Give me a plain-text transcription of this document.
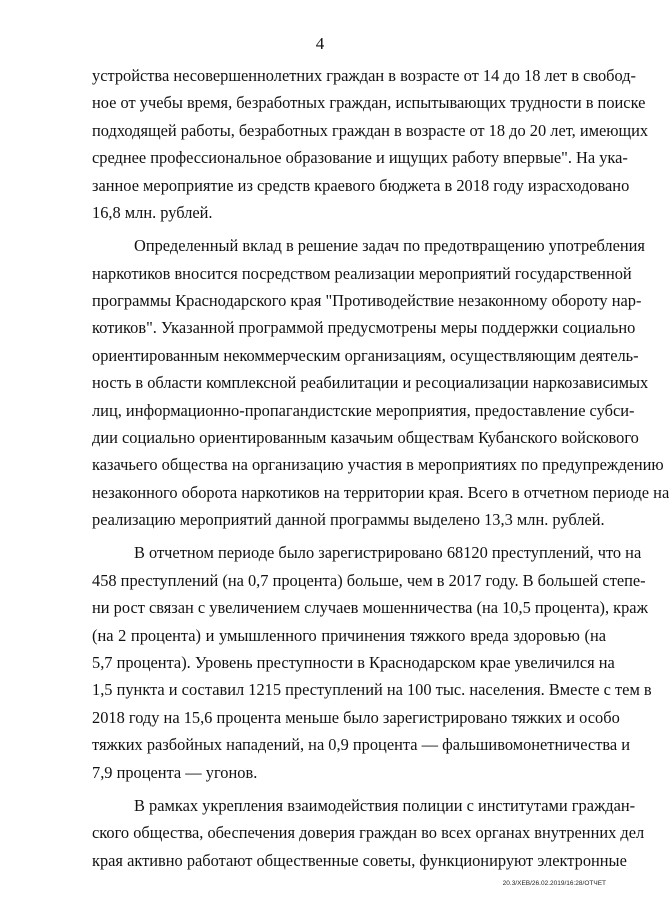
4
устройства несовершеннолетних граждан в возрасте от 14 до 18 лет в свобод-
ное от учебы время, безработных граждан, испытывающих трудности в поиске
подходящей работы, безработных граждан в возрасте от 18 до 20 лет, имеющих
среднее профессиональное образование и ищущих работу впервые". На ука-
занное мероприятие из средств краевого бюджета в 2018 году израсходовано
16,8 млн. рублей.
Определенный вклад в решение задач по предотвращению употребления
наркотиков вносится посредством реализации мероприятий государственной
программы Краснодарского края "Противодействие незаконному обороту нар-
котиков". Указанной программой предусмотрены меры поддержки социально
ориентированным некоммерческим организациям, осуществляющим деятель-
ность в области комплексной реабилитации и ресоциализации наркозависимых
лиц, информационно-пропагандистские мероприятия, предоставление субси-
дии социально ориентированным казачьим обществам Кубанского войскового
казачьего общества на организацию участия в мероприятиях по предупреждению
незаконного оборота наркотиков на территории края. Всего в отчетном периоде на
реализацию мероприятий данной программы выделено 13,3 млн. рублей.
В отчетном периоде было зарегистрировано 68120 преступлений, что на
458 преступлений (на 0,7 процента) больше, чем в 2017 году. В большей степе-
ни рост связан с увеличением случаев мошенничества (на 10,5 процента), краж
(на 2 процента) и умышленного причинения тяжкого вреда здоровью (на
5,7 процента). Уровень преступности в Краснодарском крае увеличился на
1,5 пункта и составил 1215 преступлений на 100 тыс. населения. Вместе с тем в
2018 году на 15,6 процента меньше было зарегистрировано тяжких и особо
тяжких разбойных нападений, на 0,9 процента — фальшивомонетничества и
7,9 процента — угонов.
В рамках укрепления взаимодействия полиции с институтами граждан-
ского общества, обеспечения доверия граждан во всех органах внутренних дел
края активно работают общественные советы, функционируют электронные
20.3/ХЕВ/26.02.2019/16:28/ОТЧЕТ
